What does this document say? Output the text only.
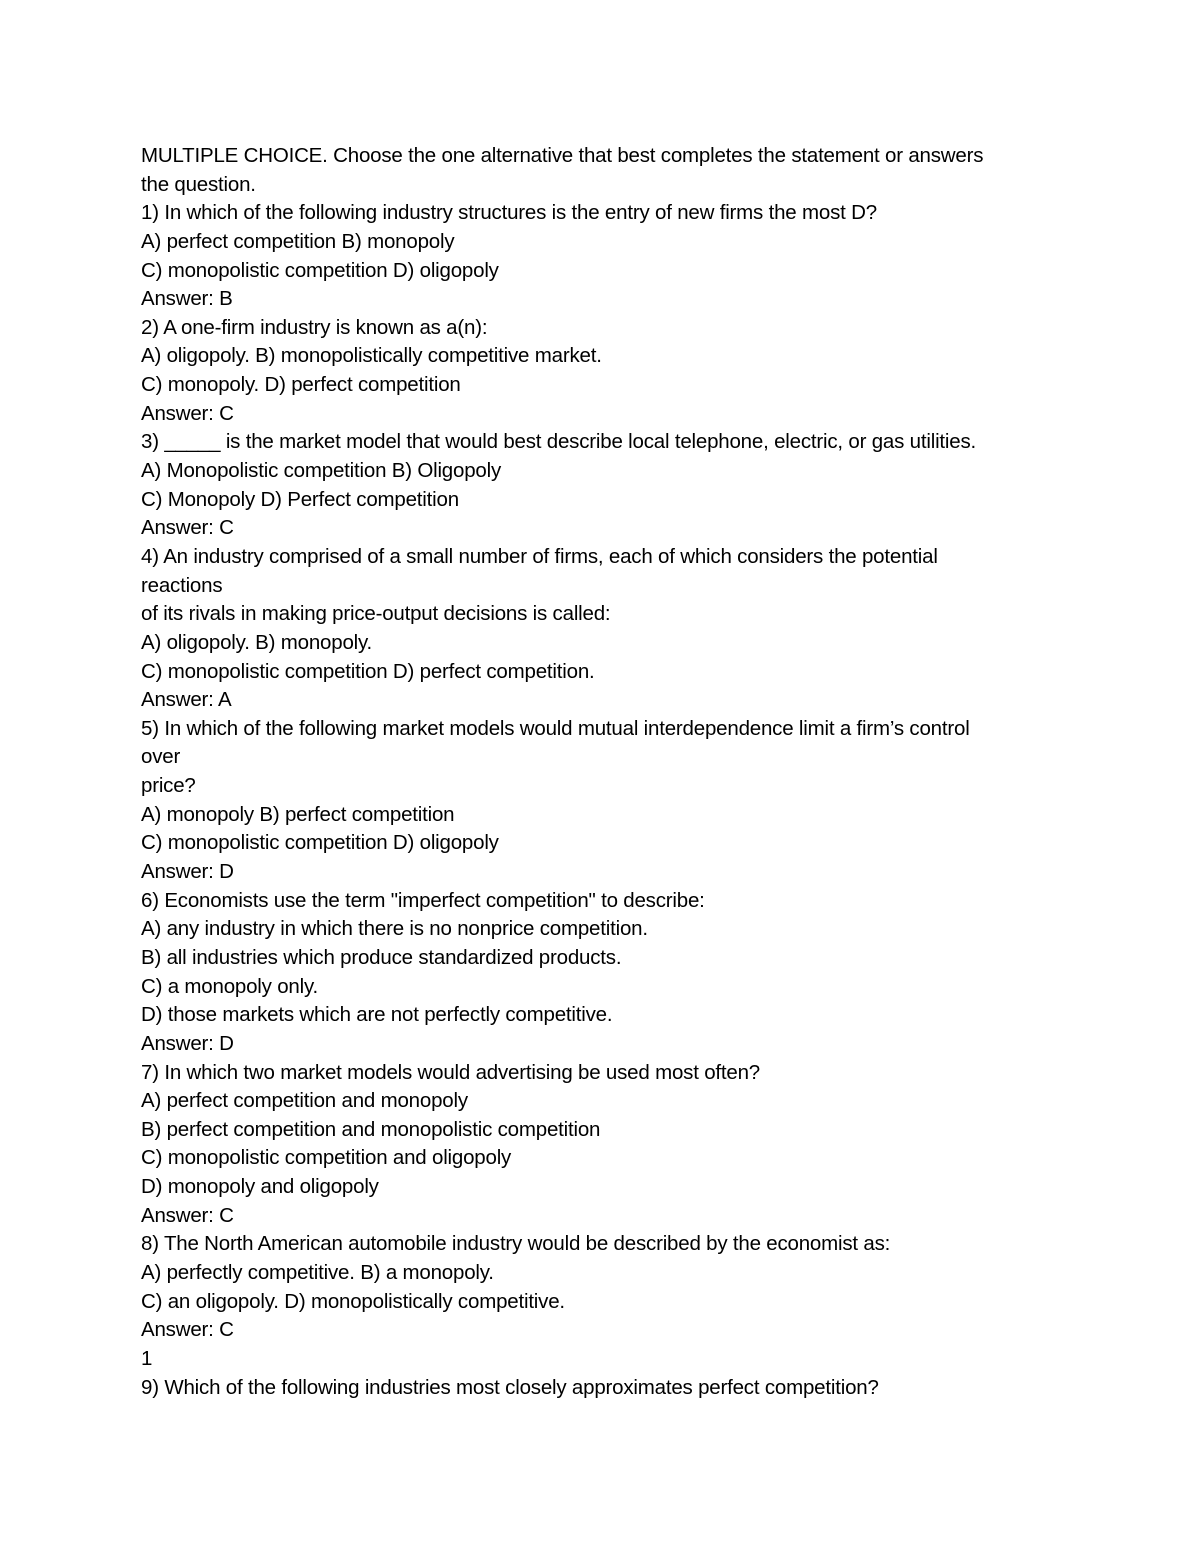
MULTIPLE CHOICE. Choose the one alternative that best completes the statement or answers
the question.
1) In which of the following industry structures is the entry of new firms the most D?
A) perfect competition B) monopoly
C) monopolistic competition D) oligopoly
Answer: B
2) A one-firm industry is known as a(n):
A) oligopoly. B) monopolistically competitive market.
C) monopoly. D) perfect competition
Answer: C
3) _____ is the market model that would best describe local telephone, electric, or gas utilities.
A) Monopolistic competition B) Oligopoly
C) Monopoly D) Perfect competition
Answer: C
4) An industry comprised of a small number of firms, each of which considers the potential
reactions
of its rivals in making price-output decisions is called:
A) oligopoly. B) monopoly.
C) monopolistic competition D) perfect competition.
Answer: A
5) In which of the following market models would mutual interdependence limit a firm’s control
over
price?
A) monopoly B) perfect competition
C) monopolistic competition D) oligopoly
Answer: D
6) Economists use the term "imperfect competition" to describe:
A) any industry in which there is no nonprice competition.
B) all industries which produce standardized products.
C) a monopoly only.
D) those markets which are not perfectly competitive.
Answer: D
7) In which two market models would advertising be used most often?
A) perfect competition and monopoly
B) perfect competition and monopolistic competition
C) monopolistic competition and oligopoly
D) monopoly and oligopoly
Answer: C
8) The North American automobile industry would be described by the economist as:
A) perfectly competitive. B) a monopoly.
C) an oligopoly. D) monopolistically competitive.
Answer: C
1
9) Which of the following industries most closely approximates perfect competition?
